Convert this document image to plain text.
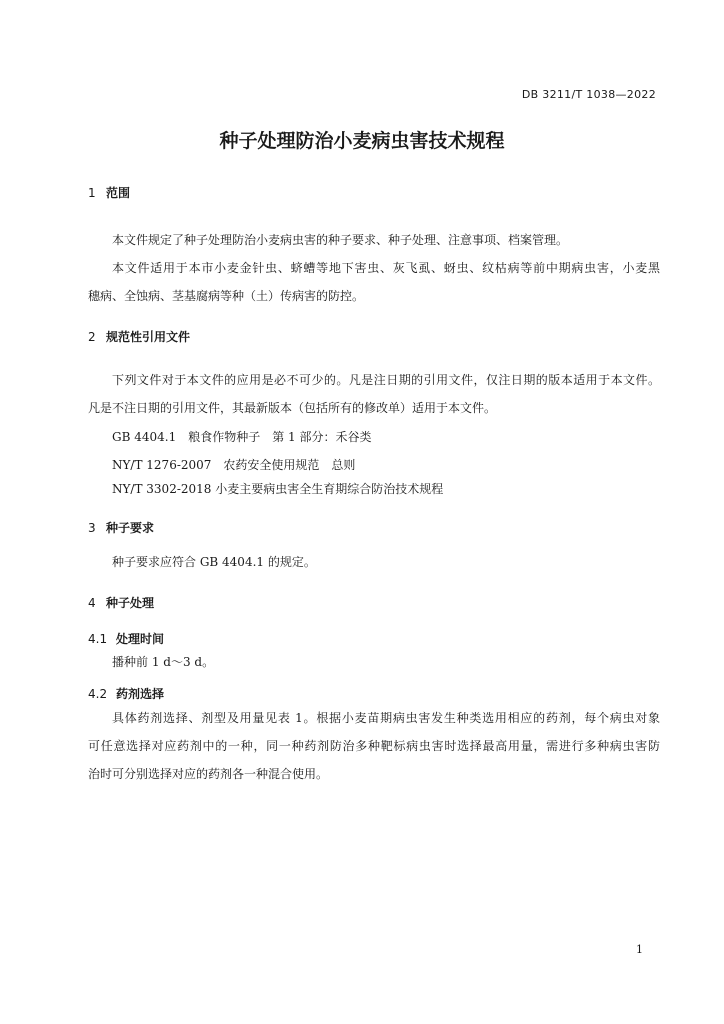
DB 3211/T 1038—2022
种子处理防治小麦病虫害技术规程
1 范围
本文件规定了种子处理防治小麦病虫害的种子要求、种子处理、注意事项、档案管理。
本文件适用于本市小麦金针虫、蛴螬等地下害虫、灰飞虱、蚜虫、纹枯病等前中期病虫害，小麦黑
穗病、全蚀病、茎基腐病等种（土）传病害的防控。
2 规范性引用文件
下列文件对于本文件的应用是必不可少的。凡是注日期的引用文件，仅注日期的版本适用于本文件。
凡是不注日期的引用文件，其最新版本（包括所有的修改单）适用于本文件。
GB 4404.1　粮食作物种子　第 1 部分：禾谷类
NY/T 1276-2007　农药安全使用规范　总则
NY/T 3302-2018 小麦主要病虫害全生育期综合防治技术规程
3 种子要求
种子要求应符合 GB 4404.1 的规定。
4 种子处理
4.1 处理时间
播种前 1 d～3 d。
4.2 药剂选择
具体药剂选择、剂型及用量见表 1。根据小麦苗期病虫害发生种类选用相应的药剂，每个病虫对象
可任意选择对应药剂中的一种，同一种药剂防治多种靶标病虫害时选择最高用量，需进行多种病虫害防
治时可分别选择对应的药剂各一种混合使用。
1
